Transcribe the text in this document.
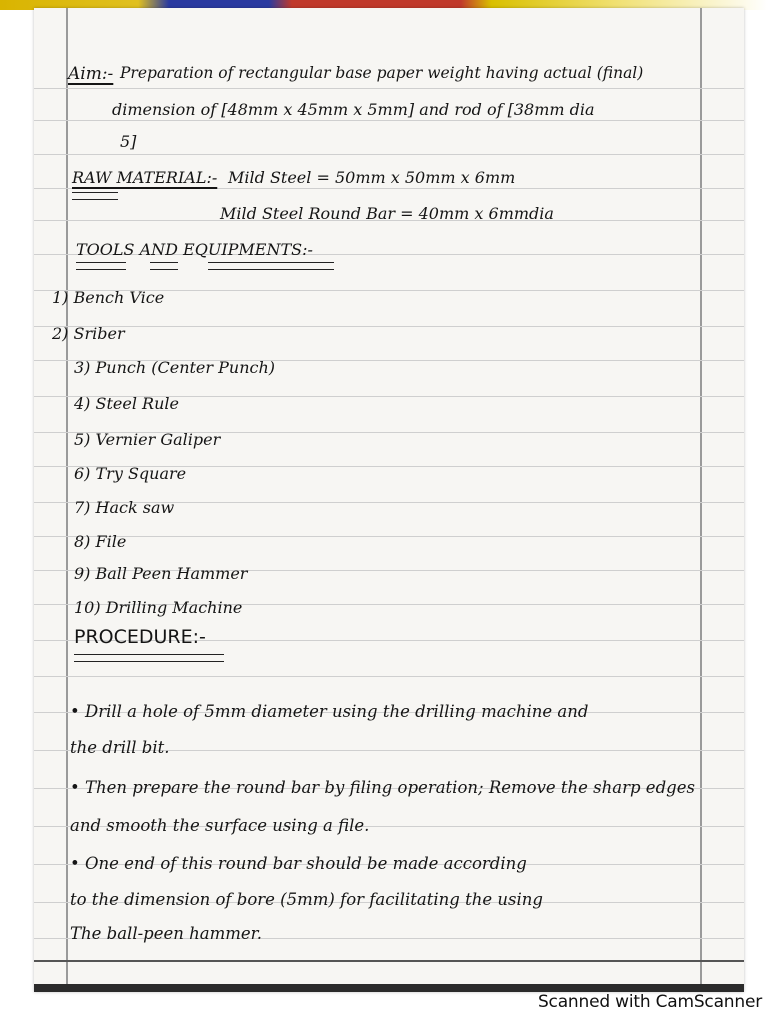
Aim:- Preparation of rectangular base paper weight having actual (final)
dimension of [48mm x 45mm x 5mm] and rod of [38mm dia
5]
RAW MATERIAL:- Mild Steel = 50mm x 50mm x 6mm
Mild Steel Round Bar = 40mm x 6mmdia
TOOLS AND EQUIPMENTS:-
1) Bench Vice
2) Sriber
3) Punch (Center Punch)
4) Steel Rule
5) Vernier Galiper
6) Try Square
7) Hack saw
8) File
9) Ball Peen Hammer
10) Drilling Machine
PROCEDURE:-
• Drill a hole of 5mm diameter using the drilling machine and
the drill bit.
• Then prepare the round bar by filing operation; Remove the sharp edges
and smooth the surface using a file.
• One end of this round bar should be made according
to the dimension of bore (5mm) for facilitating the using
The ball-peen hammer.
Scanned with CamScanner
